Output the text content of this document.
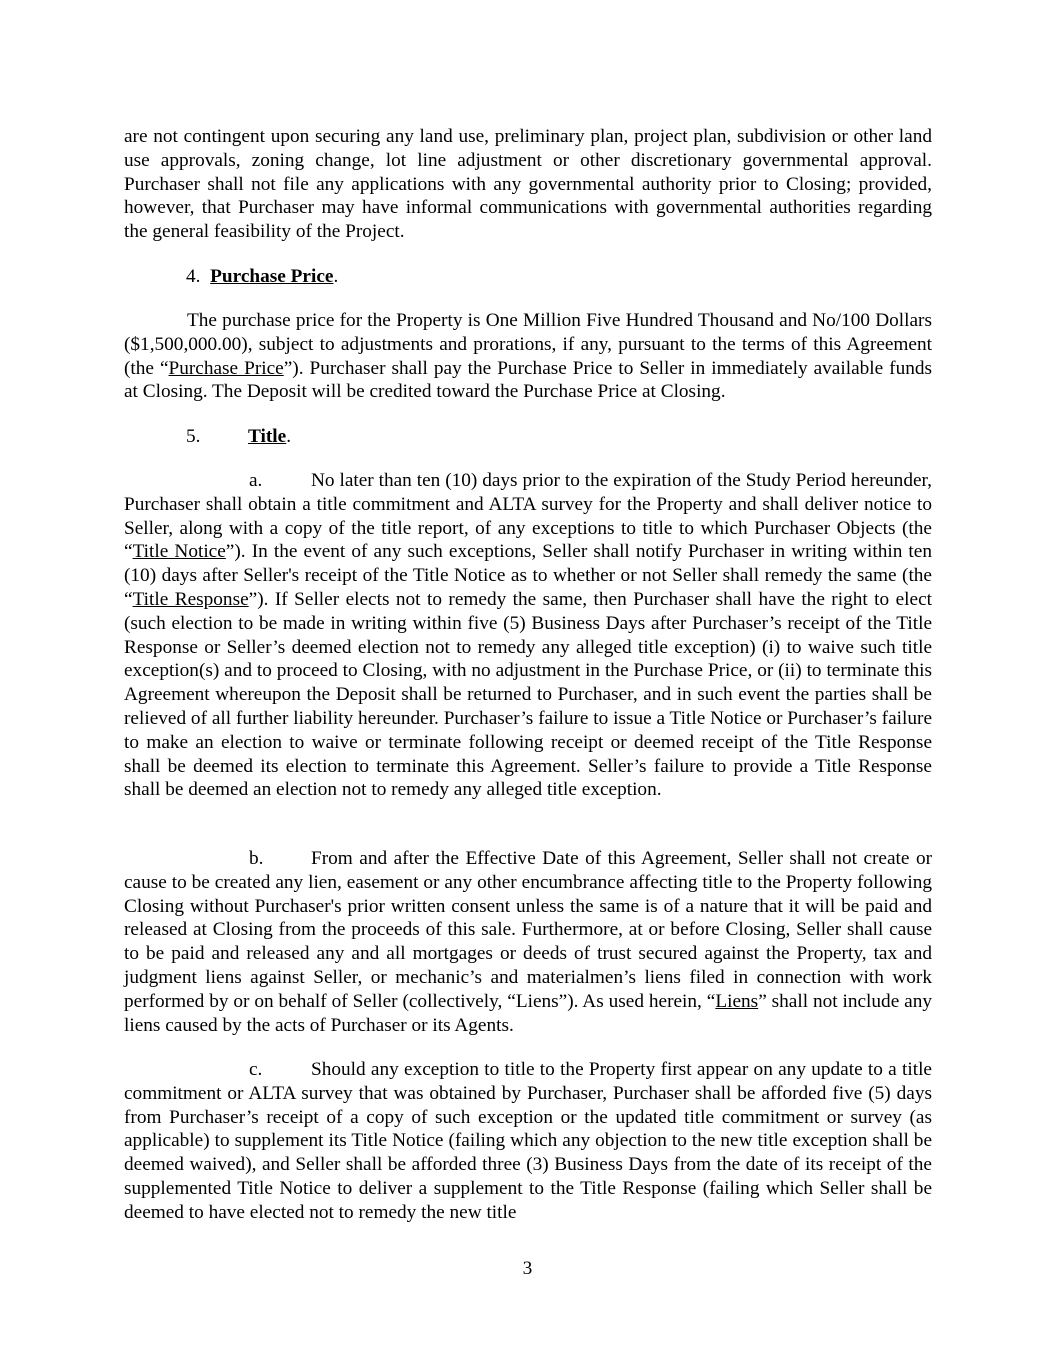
are not contingent upon securing any land use, preliminary plan, project plan, subdivision or other land use approvals, zoning change, lot line adjustment or other discretionary governmental approval. Purchaser shall not file any applications with any governmental authority prior to Closing; provided, however, that Purchaser may have informal communications with governmental authorities regarding the general feasibility of the Project.

4. Purchase Price.

The purchase price for the Property is One Million Five Hundred Thousand and No/100 Dollars ($1,500,000.00), subject to adjustments and prorations, if any, pursuant to the terms of this Agreement (the “Purchase Price”). Purchaser shall pay the Purchase Price to Seller in immediately available funds at Closing. The Deposit will be credited toward the Purchase Price at Closing.

5. Title.

a.	No later than ten (10) days prior to the expiration of the Study Period hereunder, Purchaser shall obtain a title commitment and ALTA survey for the Property and shall deliver notice to Seller, along with a copy of the title report, of any exceptions to title to which Purchaser Objects (the “Title Notice”). In the event of any such exceptions, Seller shall notify Purchaser in writing within ten (10) days after Seller's receipt of the Title Notice as to whether or not Seller shall remedy the same (the “Title Response”). If Seller elects not to remedy the same, then Purchaser shall have the right to elect (such election to be made in writing within five (5) Business Days after Purchaser’s receipt of the Title Response or Seller’s deemed election not to remedy any alleged title exception) (i) to waive such title exception(s) and to proceed to Closing, with no adjustment in the Purchase Price, or (ii) to terminate this Agreement whereupon the Deposit shall be returned to Purchaser, and in such event the parties shall be relieved of all further liability hereunder. Purchaser’s failure to issue a Title Notice or Purchaser’s failure to make an election to waive or terminate following receipt or deemed receipt of the Title Response shall be deemed its election to terminate this Agreement. Seller’s failure to provide a Title Response shall be deemed an election not to remedy any alleged title exception.

b. From and after the Effective Date of this Agreement, Seller shall not create or cause to be created any lien, easement or any other encumbrance affecting title to the Property following Closing without Purchaser's prior written consent unless the same is of a nature that it will be paid and released at Closing from the proceeds of this sale. Furthermore, at or before Closing, Seller shall cause to be paid and released any and all mortgages or deeds of trust secured against the Property, tax and judgment liens against Seller, or mechanic’s and materialmen’s liens filed in connection with work performed by or on behalf of Seller (collectively, “Liens”). As used herein, “Liens” shall not include any liens caused by the acts of Purchaser or its Agents.

c.	Should any exception to title to the Property first appear on any update to a title commitment or ALTA survey that was obtained by Purchaser, Purchaser shall be afforded five (5) days from Purchaser’s receipt of a copy of such exception or the updated title commitment or survey (as applicable) to supplement its Title Notice (failing which any objection to the new title exception shall be deemed waived), and Seller shall be afforded three (3) Business Days from the date of its receipt of the supplemented Title Notice to deliver a supplement to the Title Response (failing which Seller shall be deemed to have elected not to remedy the new title

3
